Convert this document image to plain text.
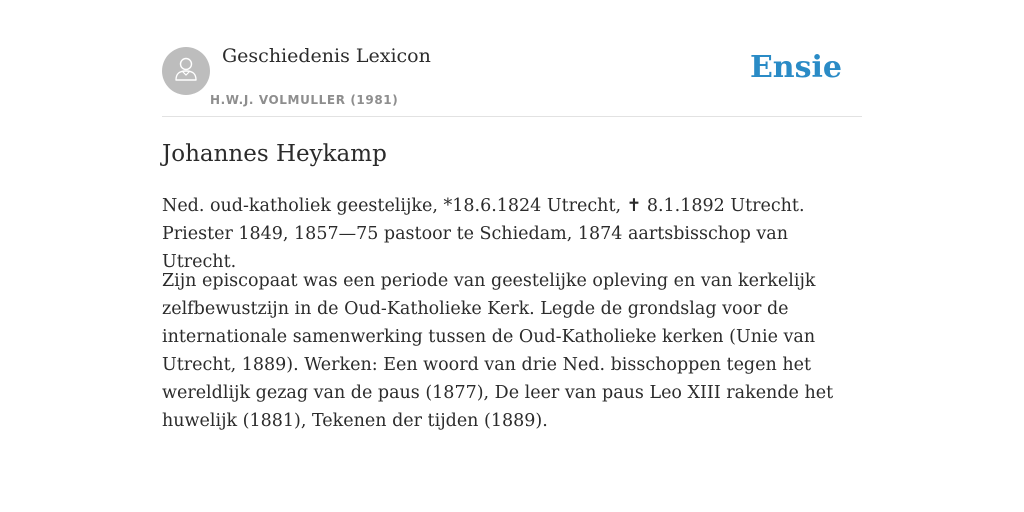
Geschiedenis Lexicon
H.W.J. VOLMULLER (1981)
Ensie
Johannes Heykamp

Ned. oud-katholiek geestelijke, *18.6.1824 Utrecht, ✝ 8.1.1892 Utrecht. Priester 1849, 1857—75 pastoor te Schiedam, 1874 aartsbisschop van Utrecht.

Zijn episcopaat was een periode van geestelijke opleving en van kerkelijk zelfbewustzijn in de Oud-Katholieke Kerk. Legde de grondslag voor de internationale samenwerking tussen de Oud-Katholieke kerken (Unie van Utrecht, 1889). Werken: Een woord van drie Ned. bisschoppen tegen het wereldlijk gezag van de paus (1877), De leer van paus Leo XIII rakende het huwelijk (1881), Tekenen der tijden (1889).
